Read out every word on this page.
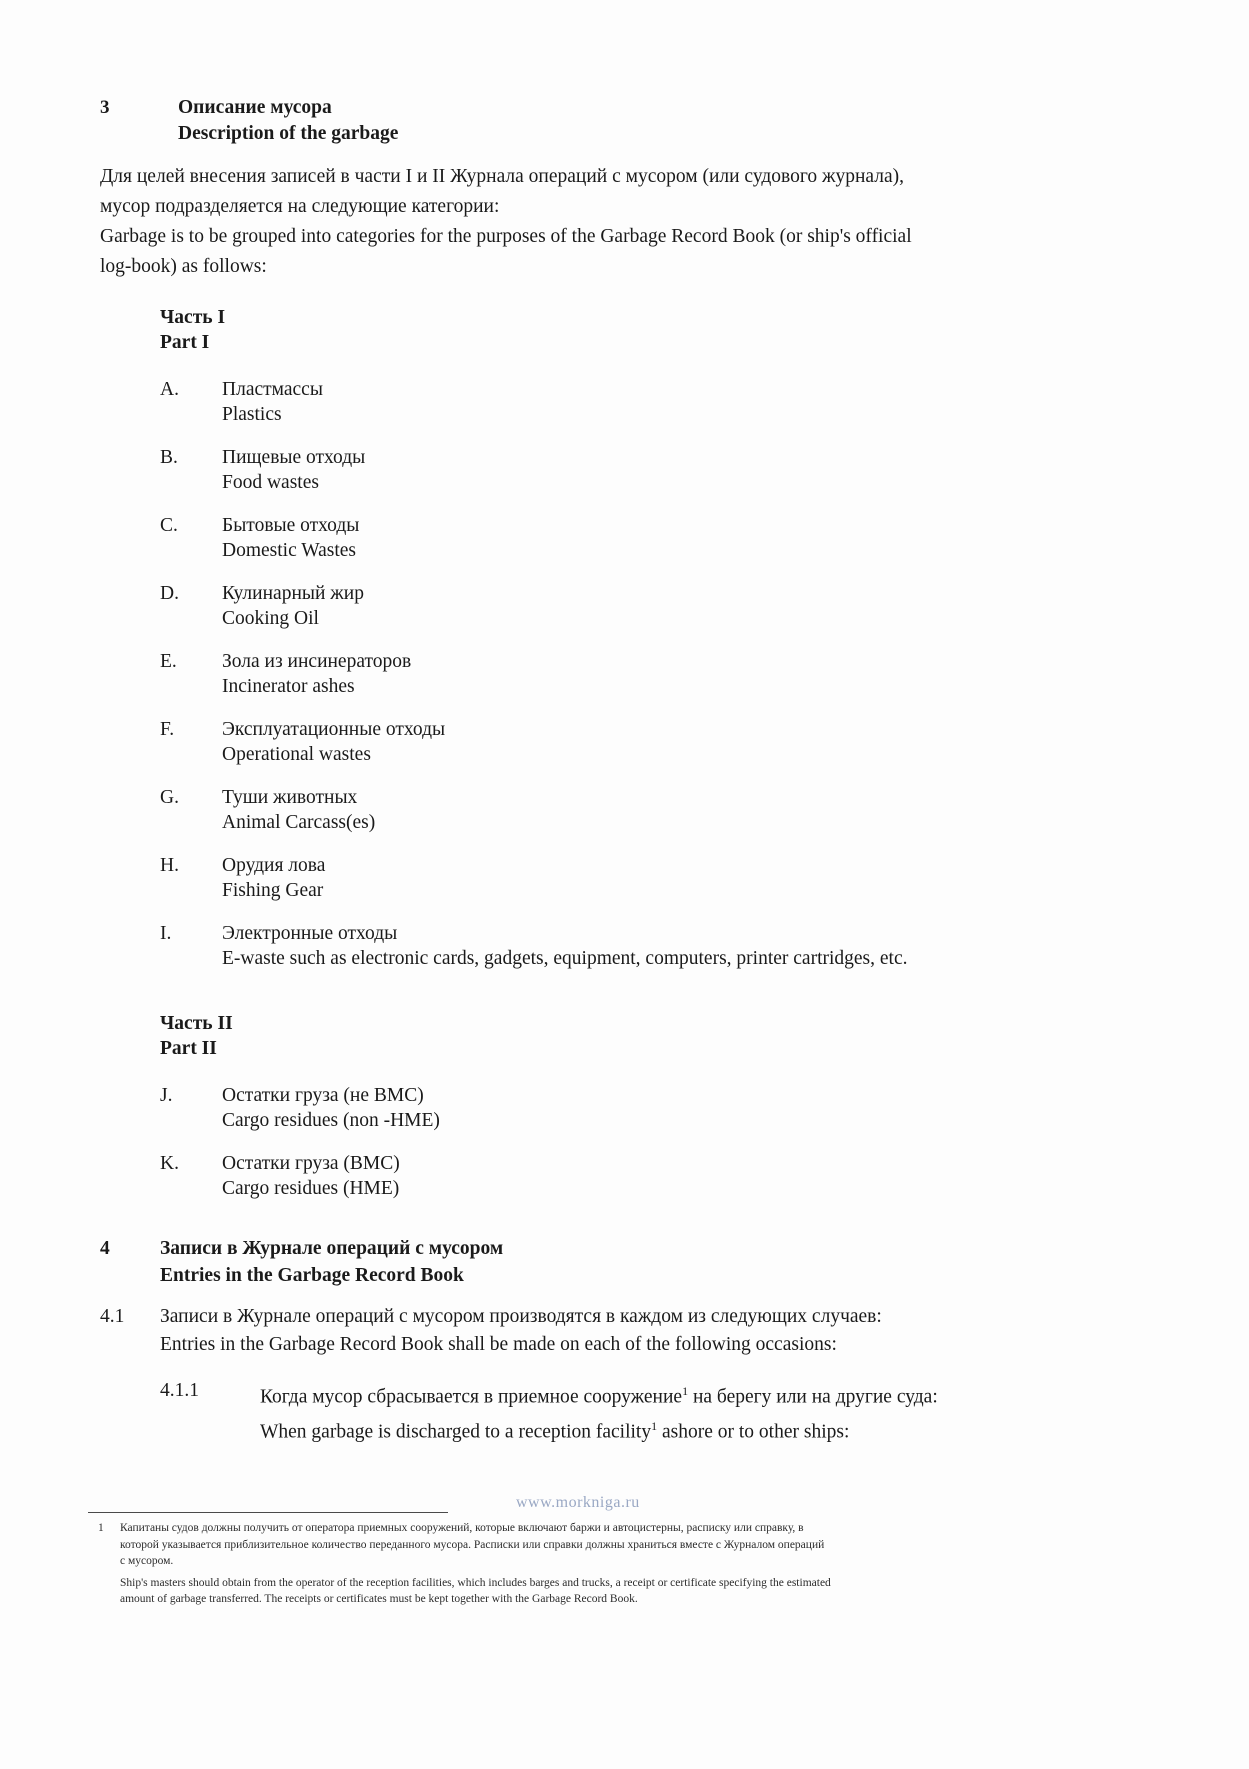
3	Описание мусора
Description of the garbage
Для целей внесения записей в части I и II Журнала операций с мусором (или судового журнала),
мусор подразделяется на следующие категории:
Garbage is to be grouped into categories for the purposes of the Garbage Record Book (or ship's official
log-book) as follows:
Часть I
Part I
A.	Пластмассы
Plastics
B.	Пищевые отходы
Food wastes
C.	Бытовые отходы
Domestic Wastes
D.	Кулинарный жир
Cooking Oil
E.	Зола из инсинераторов
Incinerator ashes
F.	Эксплуатационные отходы
Operational wastes
G.	Туши животных
Animal Carcass(es)
H.	Орудия лова
Fishing Gear
I.	Электронные отходы
E-waste such as electronic cards, gadgets, equipment, computers, printer cartridges, etc.
Часть II
Part II
J.	Остатки груза (не ВМС)
Cargo residues (non -HME)
K.	Остатки груза (ВМС)
Cargo residues (HME)
4	Записи в Журнале операций с мусором
Entries in the Garbage Record Book
4.1	Записи в Журнале операций с мусором производятся в каждом из следующих случаев:
Entries in the Garbage Record Book shall be made on each of the following occasions:
4.1.1	Когда мусор сбрасывается в приемное сооружение$^1$ на берегу или на другие суда:
When garbage is discharged to a reception facility$^1$ ashore or to other ships:
www.morkniga.ru
1	Капитаны судов должны получить от оператора приемных сооружений, которые включают баржи и автоцистерны, расписку или справку, в
которой указывается приблизительное количество переданного мусора. Расписки или справки должны храниться вместе с Журналом операций
с мусором.
Ship's masters should obtain from the operator of the reception facilities, which includes barges and trucks, a receipt or certificate specifying the estimated
amount of garbage transferred. The receipts or certificates must be kept together with the Garbage Record Book.
